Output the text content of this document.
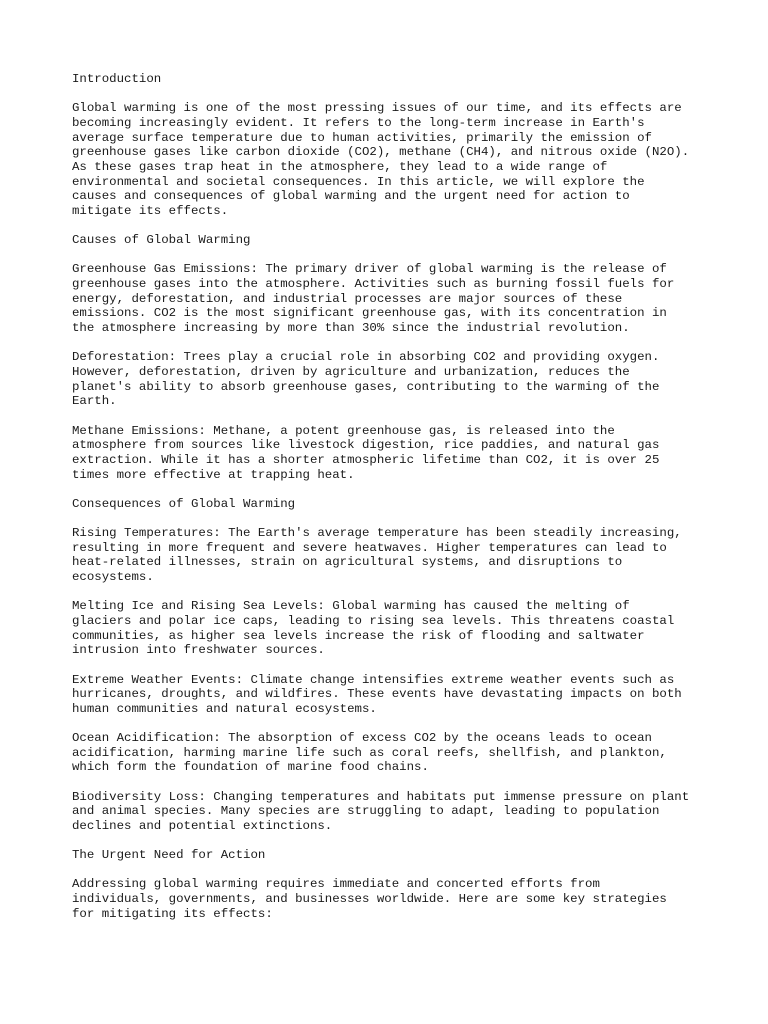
Introduction
Global warming is one of the most pressing issues of our time, and its effects are
becoming increasingly evident. It refers to the long-term increase in Earth's
average surface temperature due to human activities, primarily the emission of
greenhouse gases like carbon dioxide (CO2), methane (CH4), and nitrous oxide (N2O).
As these gases trap heat in the atmosphere, they lead to a wide range of
environmental and societal consequences. In this article, we will explore the
causes and consequences of global warming and the urgent need for action to
mitigate its effects.
Causes of Global Warming
Greenhouse Gas Emissions: The primary driver of global warming is the release of
greenhouse gases into the atmosphere. Activities such as burning fossil fuels for
energy, deforestation, and industrial processes are major sources of these
emissions. CO2 is the most significant greenhouse gas, with its concentration in
the atmosphere increasing by more than 30% since the industrial revolution.
Deforestation: Trees play a crucial role in absorbing CO2 and providing oxygen.
However, deforestation, driven by agriculture and urbanization, reduces the
planet's ability to absorb greenhouse gases, contributing to the warming of the
Earth.
Methane Emissions: Methane, a potent greenhouse gas, is released into the
atmosphere from sources like livestock digestion, rice paddies, and natural gas
extraction. While it has a shorter atmospheric lifetime than CO2, it is over 25
times more effective at trapping heat.
Consequences of Global Warming
Rising Temperatures: The Earth's average temperature has been steadily increasing,
resulting in more frequent and severe heatwaves. Higher temperatures can lead to
heat-related illnesses, strain on agricultural systems, and disruptions to
ecosystems.
Melting Ice and Rising Sea Levels: Global warming has caused the melting of
glaciers and polar ice caps, leading to rising sea levels. This threatens coastal
communities, as higher sea levels increase the risk of flooding and saltwater
intrusion into freshwater sources.
Extreme Weather Events: Climate change intensifies extreme weather events such as
hurricanes, droughts, and wildfires. These events have devastating impacts on both
human communities and natural ecosystems.
Ocean Acidification: The absorption of excess CO2 by the oceans leads to ocean
acidification, harming marine life such as coral reefs, shellfish, and plankton,
which form the foundation of marine food chains.
Biodiversity Loss: Changing temperatures and habitats put immense pressure on plant
and animal species. Many species are struggling to adapt, leading to population
declines and potential extinctions.
The Urgent Need for Action
Addressing global warming requires immediate and concerted efforts from
individuals, governments, and businesses worldwide. Here are some key strategies
for mitigating its effects:
